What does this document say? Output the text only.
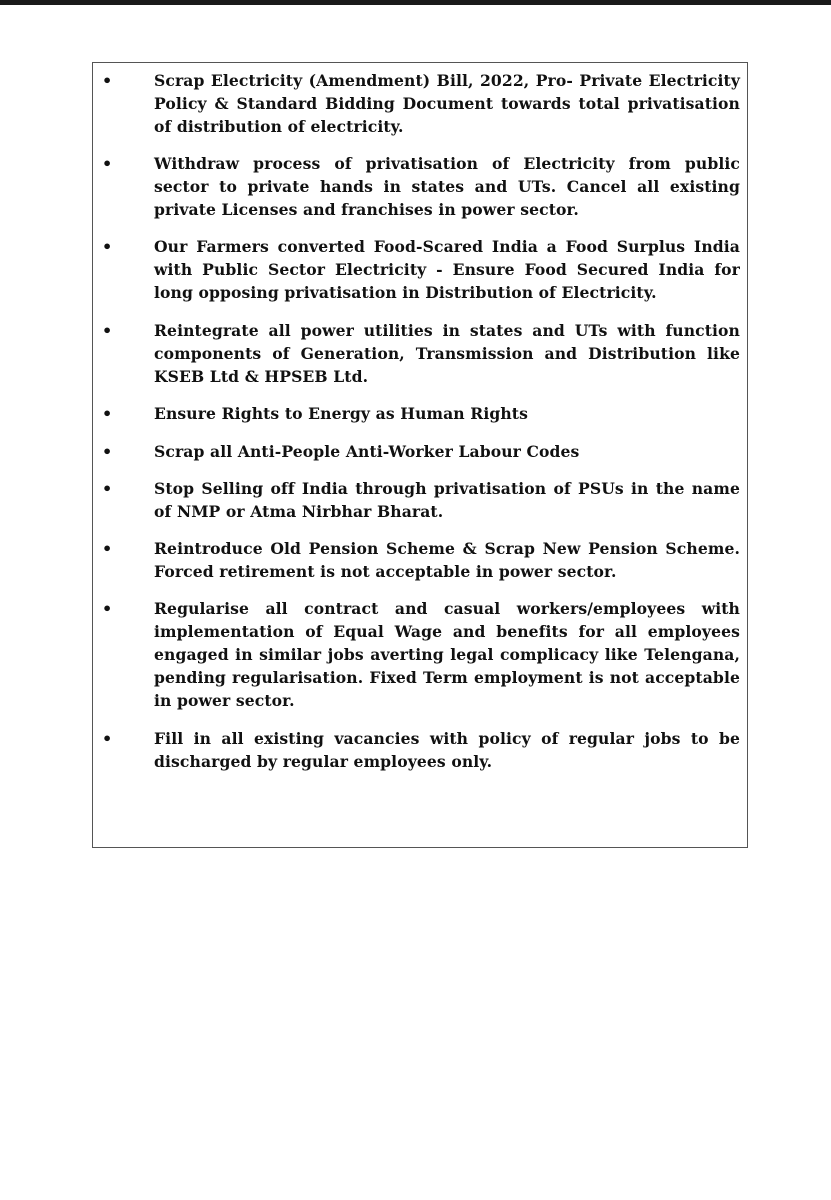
•	Scrap Electricity (Amendment) Bill, 2022, Pro- Private Electricity Policy & Standard Bidding Document towards total privatisation of distribution of electricity.
•	Withdraw process of privatisation of Electricity from public sector to private hands in states and UTs. Cancel all existing private Licenses and franchises in power sector.
•	Our Farmers converted Food-Scared India a Food Surplus India with Public Sector Electricity - Ensure Food Secured India for long opposing privatisation in Distribution of Electricity.
•	Reintegrate all power utilities in states and UTs with function components of Generation, Transmission and Distribution like KSEB Ltd & HPSEB Ltd.
•	Ensure Rights to Energy as Human Rights
•	Scrap all Anti-People Anti-Worker Labour Codes
•	Stop Selling off India through privatisation of PSUs in the name of NMP or Atma Nirbhar Bharat.
•	Reintroduce Old Pension Scheme & Scrap New Pension Scheme. Forced retirement is not acceptable in power sector.
•	Regularise all contract and casual workers/employees with implementation of Equal Wage and benefits for all employees engaged in similar jobs averting legal complicacy like Telengana, pending regularisation. Fixed Term employment is not acceptable in power sector.
•	Fill in all existing vacancies with policy of regular jobs to be discharged by regular employees only.
